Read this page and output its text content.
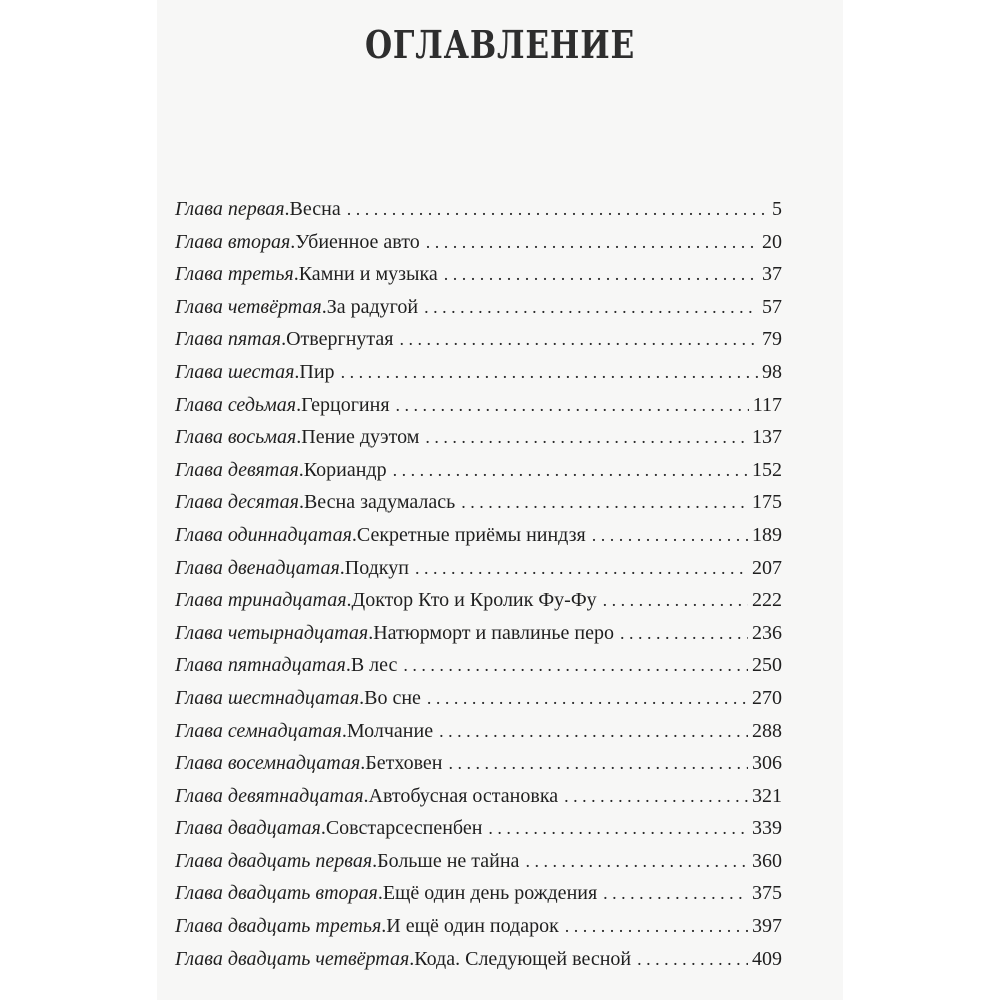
ОГЛАВЛЕНИЕ
Глава первая . Весна . . .	5
Глава вторая . Убиенное авто . . .	20
Глава третья . Камни и музыка . . .	37
Глава четвёртая . За радугой . . .	57
Глава пятая . Отвергнутая . . .	79
Глава шестая . Пир . . .	98
Глава седьмая . Герцогиня . . .	117
Глава восьмая . Пение дуэтом . . .	137
Глава девятая . Кориандр . . .	152
Глава десятая . Весна задумалась . . .	175
Глава одиннадцатая . Секретные приёмы ниндзя . . .	189
Глава двенадцатая . Подкуп . . .	207
Глава тринадцатая . Доктор Кто и Кролик Фу-Фу . . .	222
Глава четырнадцатая . Натюрморт и павлинье перо . . .	236
Глава пятнадцатая . В лес . . .	250
Глава шестнадцатая . Во сне . . .	270
Глава семнадцатая . Молчание . . .	288
Глава восемнадцатая . Бетховен . . .	306
Глава девятнадцатая . Автобусная остановка . . .	321
Глава двадцатая . Совстарсеспенбен . . .	339
Глава двадцать первая . Больше не тайна . . .	360
Глава двадцать вторая . Ещё один день рождения . . .	375
Глава двадцать третья . И ещё один подарок . . .	397
Глава двадцать четвёртая . Кода. Следующей весной . . .	409
